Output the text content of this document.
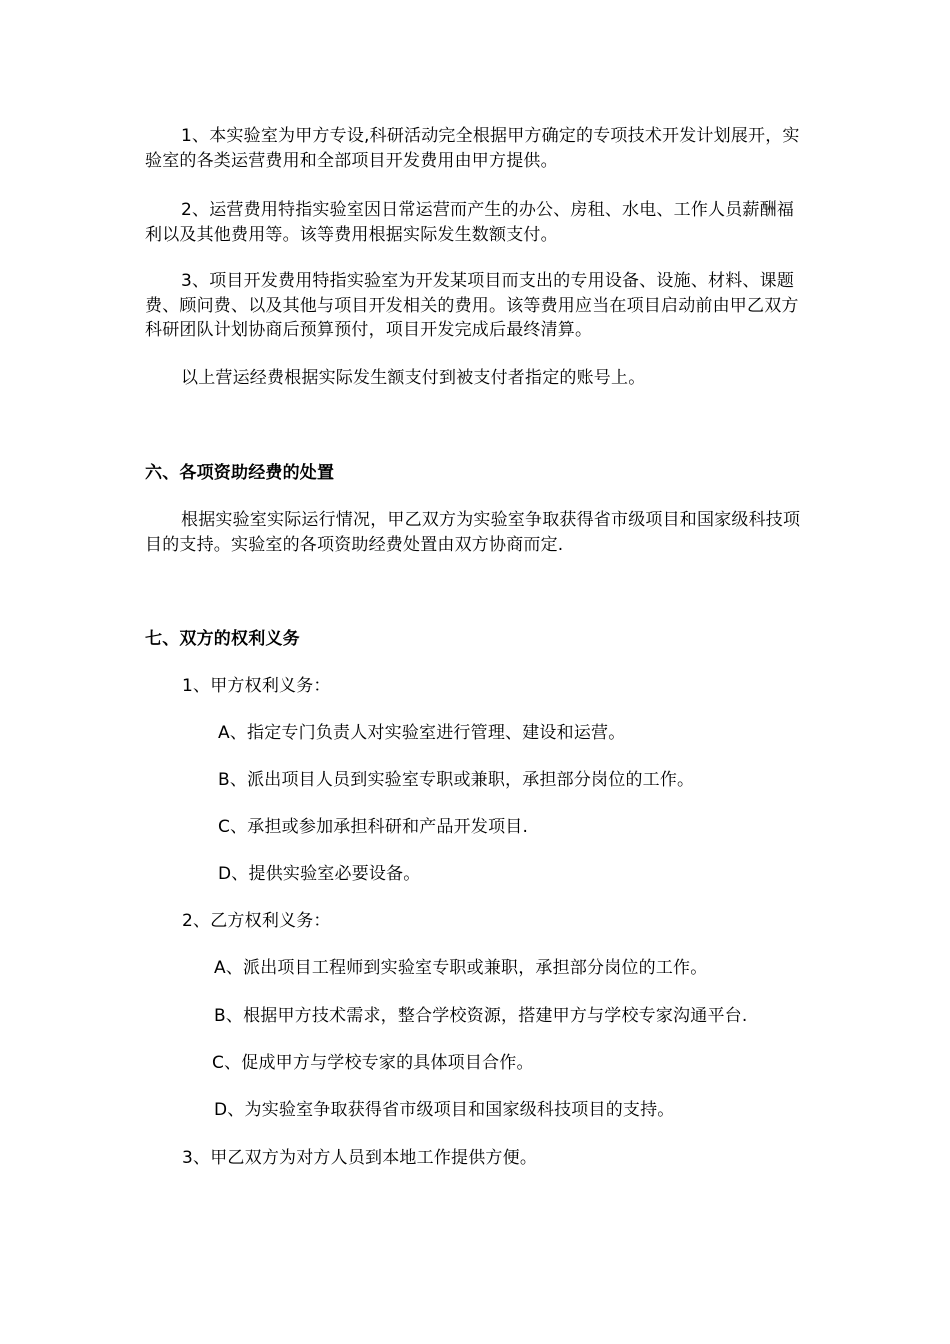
1、本实验室为甲方专设,科研活动完全根据甲方确定的专项技术开发计划展开，实验室的各类运营费用和全部项目开发费用由甲方提供。
2、运营费用特指实验室因日常运营而产生的办公、房租、水电、工作人员薪酬福利以及其他费用等。该等费用根据实际发生数额支付。
3、项目开发费用特指实验室为开发某项目而支出的专用设备、设施、材料、课题费、顾问费、以及其他与项目开发相关的费用。该等费用应当在项目启动前由甲乙双方科研团队计划协商后预算预付，项目开发完成后最终清算。
以上营运经费根据实际发生额支付到被支付者指定的账号上。
六、各项资助经费的处置
根据实验室实际运行情况，甲乙双方为实验室争取获得省市级项目和国家级科技项目的支持。实验室的各项资助经费处置由双方协商而定.
七、双方的权利义务
1、甲方权利义务：
A、指定专门负责人对实验室进行管理、建设和运营。
B、派出项目人员到实验室专职或兼职，承担部分岗位的工作。
C、承担或参加承担科研和产品开发项目.
D、提供实验室必要设备。
2、乙方权利义务：
A、派出项目工程师到实验室专职或兼职，承担部分岗位的工作。
B、根据甲方技术需求，整合学校资源，搭建甲方与学校专家沟通平台.
C、促成甲方与学校专家的具体项目合作。
D、为实验室争取获得省市级项目和国家级科技项目的支持。
3、甲乙双方为对方人员到本地工作提供方便。
